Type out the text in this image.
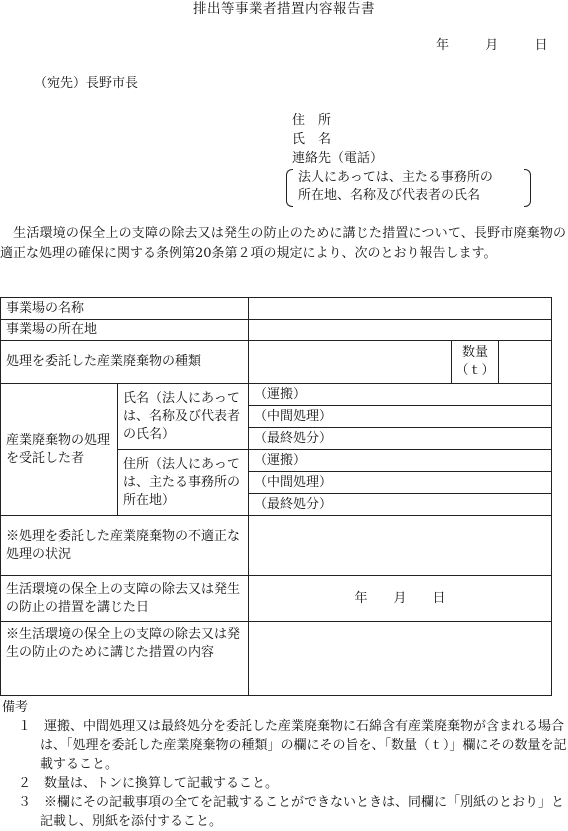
排出等事業者措置内容報告書
年	月	日
（宛先）長野市長
住　所
氏　名
連絡先（電話）
法人にあっては、主たる事務所の
所在地、名称及び代表者の氏名
　生活環境の保全上の支障の除去又は発生の防止のために講じた措置について、長野市廃棄物の適正な処理の確保に関する条例第20条第２項の規定により、次のとおり報告します。
事業場の名称				
事業場の所在地				
処理を委託した産業廃棄物の種類			数量（ｔ）	
産業廃棄物の処理を受託した者	氏名（法人にあっては、名称及び代表者の氏名）	（運搬）		
		（中間処理）		
		（最終処分）		
	住所（法人にあっては、主たる事務所の所在地）	（運搬）		
		（中間処理）		
		（最終処分）		
※処理を委託した産業廃棄物の不適正な処理の状況				
生活環境の保全上の支障の除去又は発生の防止の措置を講じた日		年　　月　　日		
※生活環境の保全上の支障の除去又は発生の防止のために講じた措置の内容				
備考
１　運搬、中間処理又は最終処分を委託した産業廃棄物に石綿含有産業廃棄物が含まれる場合は、「処理を委託した産業廃棄物の種類」の欄にその旨を、「数量（ｔ）」欄にその数量を記載すること。
２　数量は、トンに換算して記載すること。
３　※欄にその記載事項の全てを記載することができないときは、同欄に「別紙のとおり」と記載し、別紙を添付すること。
